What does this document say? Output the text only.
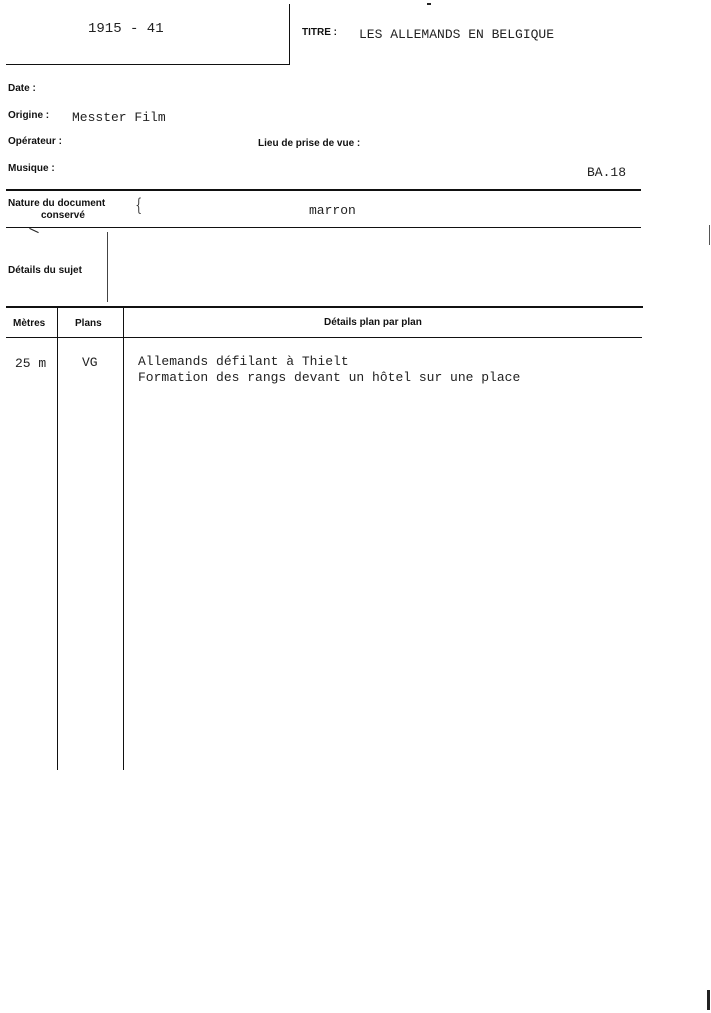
1915 - 41	TITRE : LES ALLEMANDS EN BELGIQUE
Date :
Origine : Messter Film
Opérateur :	Lieu de prise de vue :
Musique :	BA.18
Nature du document
conservé	{	marron
Détails du sujet
Mètres	Plans	Détails plan par plan
25 m	VG	Allemands défilant à Thielt
Formation des rangs devant un hôtel sur une place
